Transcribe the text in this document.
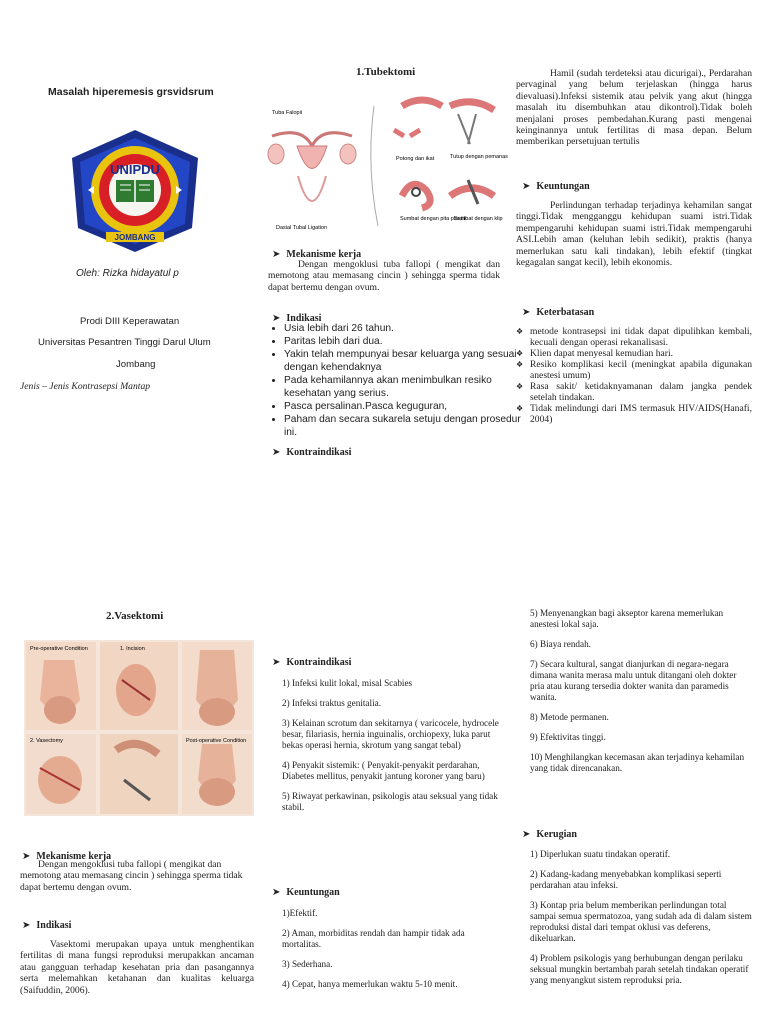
Masalah hiperemesis grsvidsrum
UNIPDU
JOMBANG
Oleh: Rizka hidayatul p
Prodi DIII Keperawatan
Universitas Pesantren Tinggi Darul Ulum
Jombang
Jenis – Jenis Kontrasepsi Mantap
1.Tubektomi
Tuba Falopii
Dasial Tubal Ligation
Potong dan ikat	Tutup dengan pemanas
Sumbat dengan pita plastik
Sumbat dengan klip
➤ Mekanisme kerja
Dengan mengoklusi tuba fallopi ( mengikat dan memotong atau memasang cincin ) sehingga sperma tidak dapat bertemu dengan ovum.
➤ Indikasi
• Usia lebih dari 26 tahun.
• Paritas lebih dari dua.
• Yakin telah mempunyai besar keluarga yang sesuai dengan kehendaknya
• Pada kehamilannya akan menimbulkan resiko kesehatan yang serius.
• Pasca persalinan.Pasca keguguran,
• Paham dan secara sukarela setuju dengan prosedur ini.
➤ Kontraindikasi
Hamil (sudah terdeteksi atau dicurigai)., Perdarahan pervaginal yang belum terjelaskan (hingga harus dievaluasi).Infeksi sistemik atau pelvik yang akut (hingga masalah itu disembuhkan atau dikontrol).Tidak boleh menjalani proses pembedahan.Kurang pasti mengenai keinginannya untuk fertilitas di masa depan. Belum memberikan persetujuan tertulis
➤ Keuntungan
Perlindungan terhadap terjadinya kehamilan sangat tinggi.Tidak mengganggu kehidupan suami istri.Tidak mempengaruhi kehidupan suami istri.Tidak mempengaruhi ASI.Lebih aman (keluhan lebih sedikit), praktis (hanya memerlukan satu kali tindakan), lebih efektif (tingkat kegagalan sangat kecil), lebih ekonomis.
➤ Keterbatasan
❖ metode kontrasepsi ini tidak dapat dipulihkan kembali, kecuali dengan operasi rekanalisasi.
❖ Klien dapat menyesal kemudian hari.
❖ Resiko komplikasi kecil (meningkat apabila digunakan anestesi umum)
❖ Rasa sakit/ ketidaknyamanan dalam jangka pendek setelah tindakan.
❖ Tidak melindungi dari IMS termasuk HIV/AIDS(Hanafi, 2004)
2.Vasektomi
Pre-operative Condition	1. Incision
2. Vasectomy	Post-operative Condition
➤ Mekanisme kerja
Dengan mengoklusi tuba fallopi ( mengikat dan memotong atau memasang cincin ) sehingga sperma tidak dapat bertemu dengan ovum.
➤ Indikasi
Vasektomi merupakan upaya untuk menghentikan fertilitas di mana fungsi reproduksi merupakkan ancaman atau gangguan terhadap kesehatan pria dan pasangannya serta melemahkan ketahanan dan kualitas keluarga (Saifuddin, 2006).
➤ Kontraindikasi

1) Infeksi kulit lokal, misal Scabies

2) Infeksi traktus genitalia.

3) Kelainan scrotum dan sekitarnya ( varicocele, hydrocele besar, filariasis, hernia inguinalis, orchiopexy, luka parut bekas operasi hernia, skrotum yang sangat tebal)

4) Penyakit sistemik: ( Penyakit-penyakit perdarahan, Diabetes mellitus, penyakit jantung koroner yang baru)

5) Riwayat perkawinan, psikologis atau seksual yang tidak stabil.

➤ Keuntungan

1)Efektif.

2) Aman, morbiditas rendah dan hampir tidak ada mortalitas.

3) Sederhana.

4) Cepat, hanya memerlukan waktu 5-10 menit.

5) Menyenangkan bagi akseptor karena memerlukan anestesi lokal saja.

6) Biaya rendah.

7) Secara kultural, sangat dianjurkan di negara-negara dimana wanita merasa malu untuk ditangani oleh dokter pria atau kurang tersedia dokter wanita dan paramedis wanita.

8) Metode permanen.

9) Efektivitas tinggi.

10) Menghilangkan kecemasan akan terjadinya kehamilan yang tidak direncanakan.

➤ Kerugian

1) Diperlukan suatu tindakan operatif.

2) Kadang-kadang menyebabkan komplikasi seperti perdarahan atau infeksi.

3) Kontap pria belum memberikan perlindungan total sampai semua spermatozoa, yang sudah ada di dalam sistem reproduksi distal dari tempat oklusi vas deferens, dikeluarkan.

4) Problem psikologis yang berhubungan dengan perilaku seksual mungkin bertambah parah setelah tindakan operatif yang menyangkut sistem reproduksi pria.
